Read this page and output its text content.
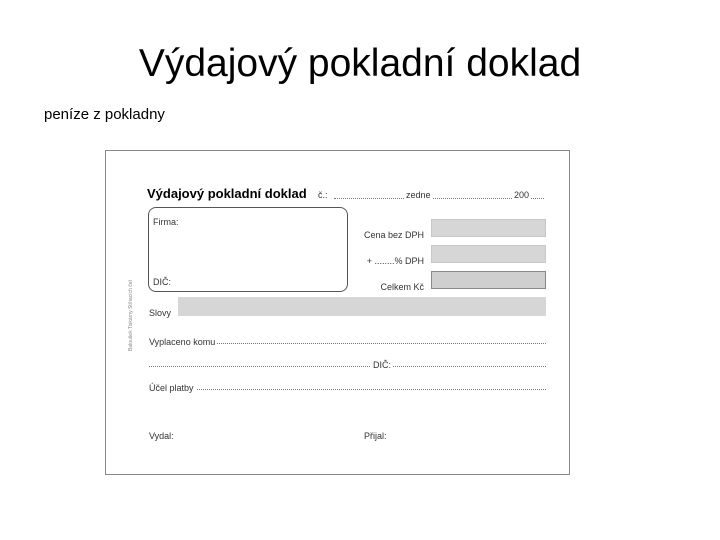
Výdajový pokladní doklad
peníze z pokladny
Výdajový pokladní doklad č.:	zedne	200
Firma:
DIČ:
Baloušek Tiskárny Stíhacích čet
Cena bez DPH
+ ........% DPH
Celkem Kč
Slovy
Vyplaceno komu
DIČ:
Účel platby
Vydal:	Přijal:
